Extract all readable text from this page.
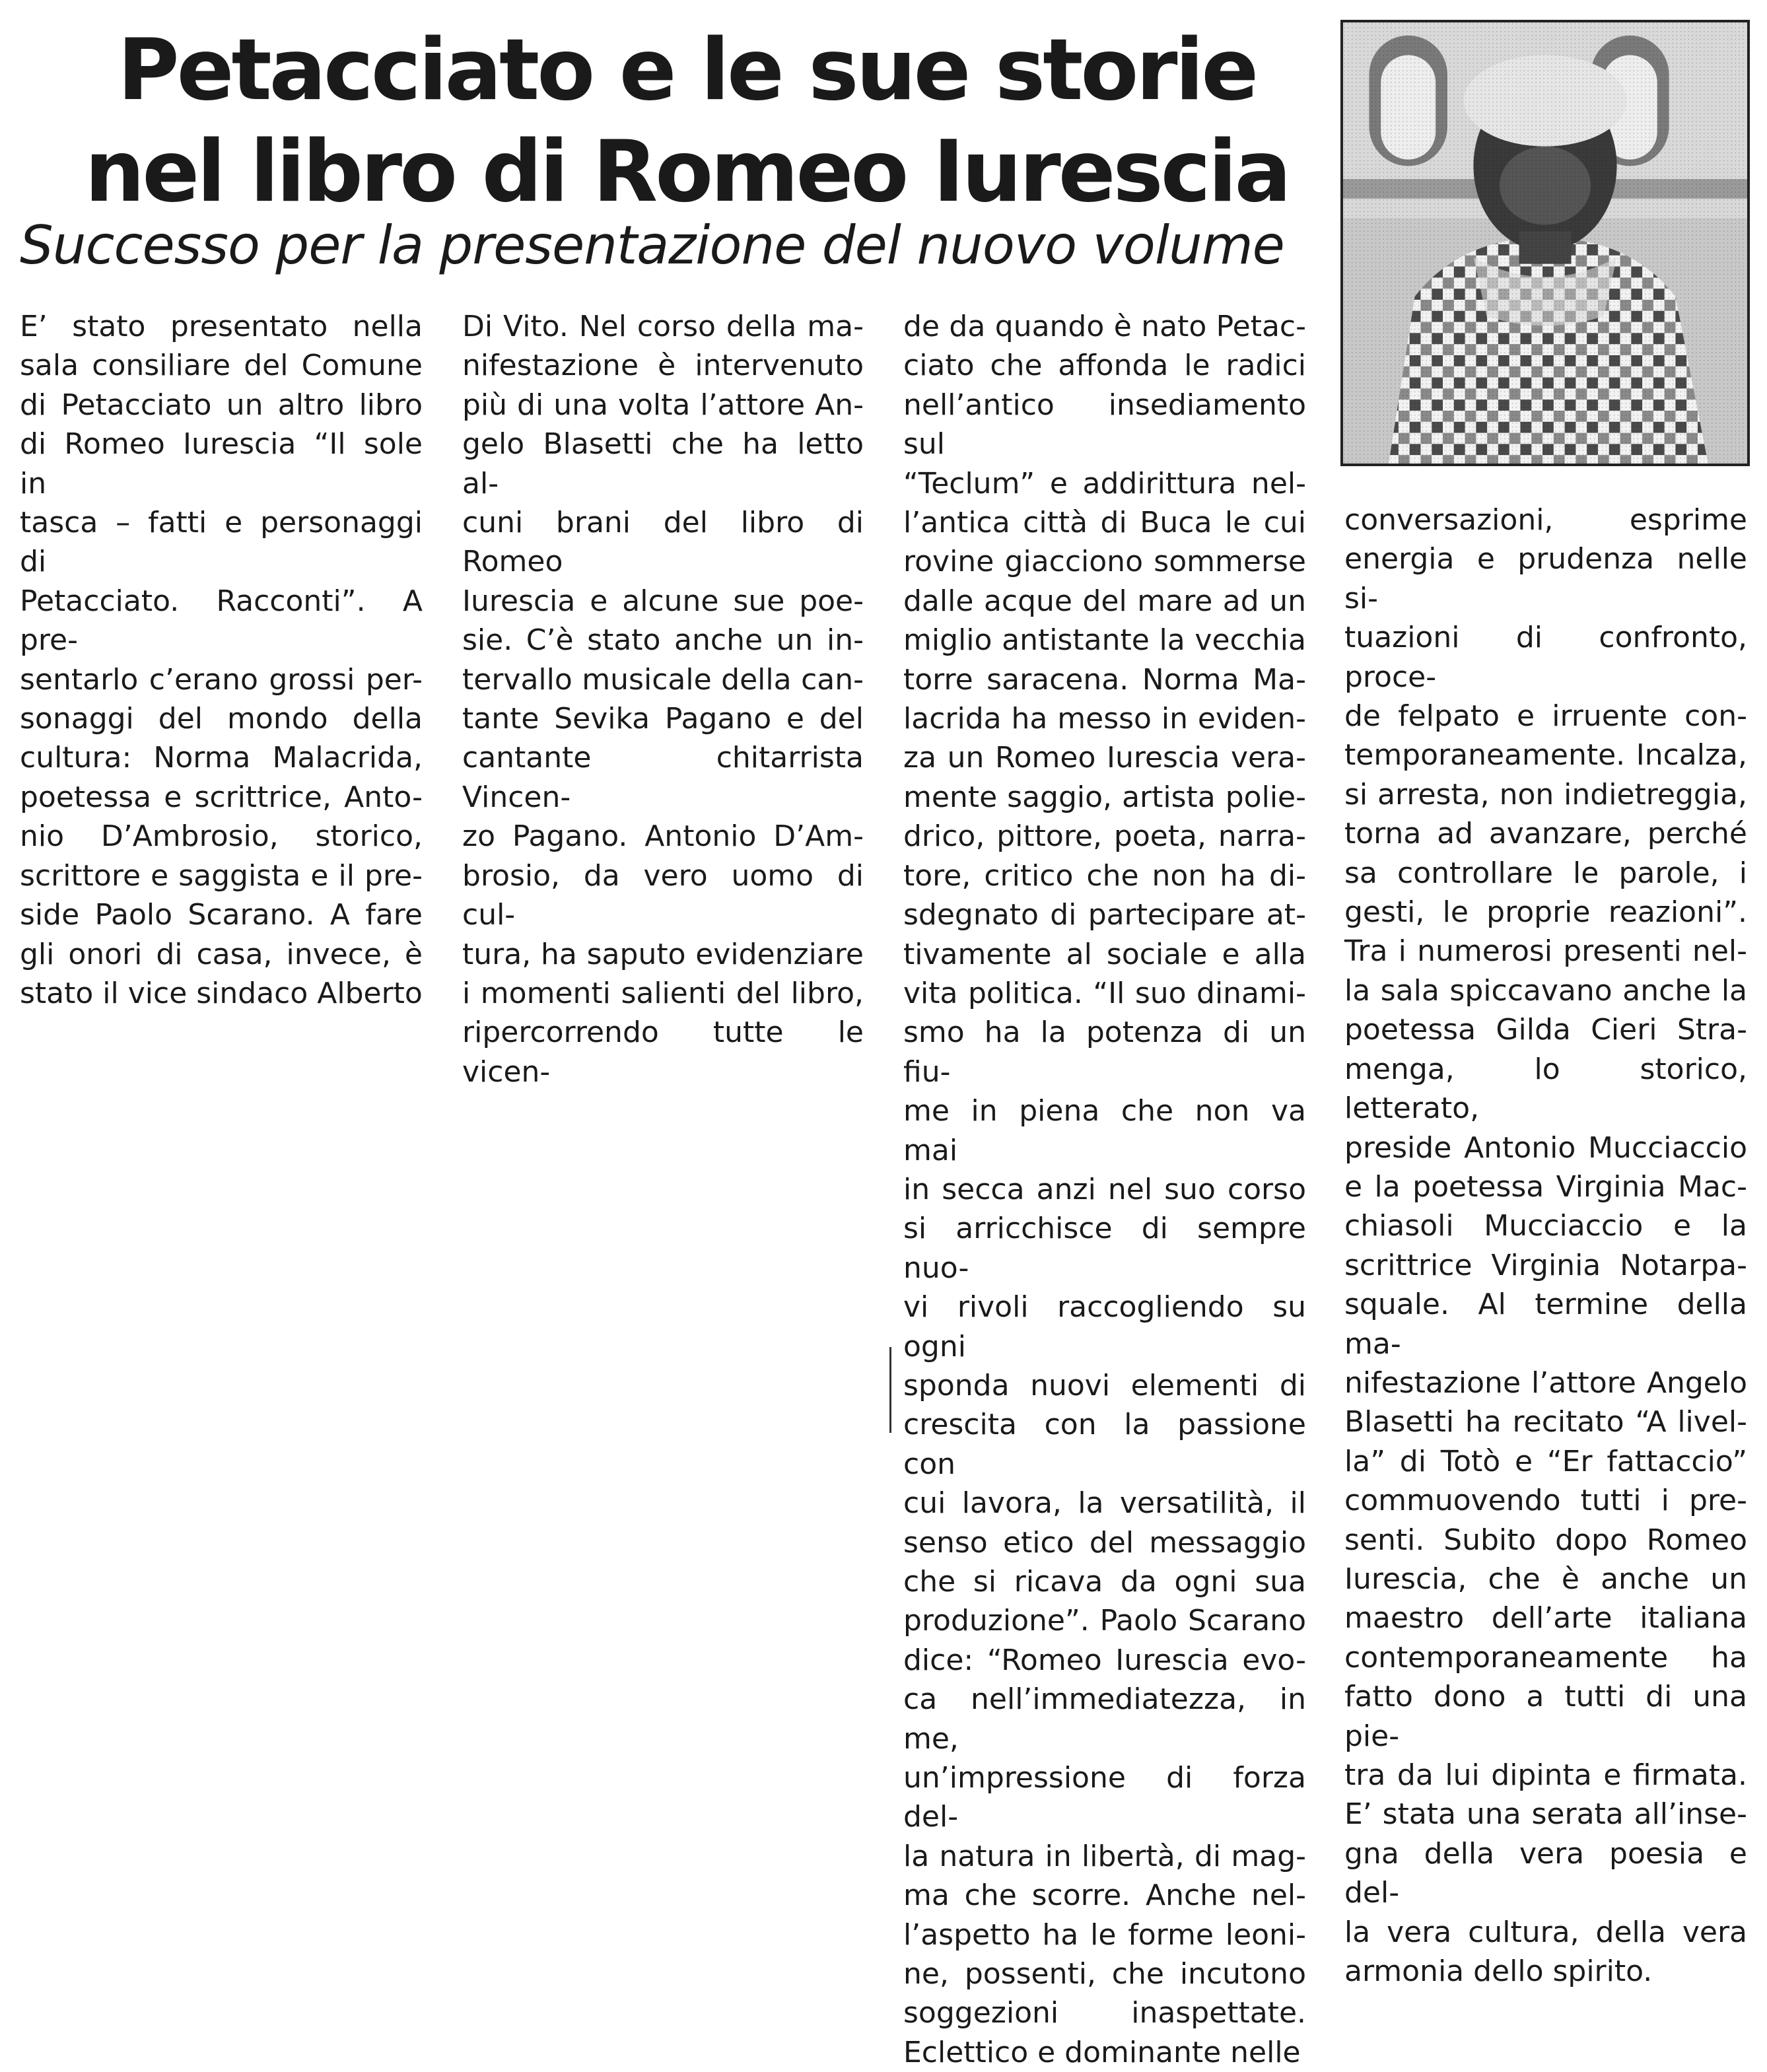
Petacciato e le sue storie
nel libro di Romeo Iurescia
Successo per la presentazione del nuovo volume

E’ stato presentato nella

sala consiliare del Comune

di Petacciato un altro libro

di Romeo Iurescia “Il sole in

tasca – fatti e personaggi di

Petacciato. Racconti”. A pre-

sentarlo c’erano grossi per-

sonaggi del mondo della

cultura: Norma Malacrida,

poetessa e scrittrice, Anto-

nio D’Ambrosio, storico,

scrittore e saggista e il pre-

side Paolo Scarano. A fare

gli onori di casa, invece, è

stato il vice sindaco Alberto

Di Vito. Nel corso della ma-

nifestazione è intervenuto

più di una volta l’attore An-

gelo Blasetti che ha letto al-

cuni brani del libro di Romeo

Iurescia e alcune sue poe-

sie. C’è stato anche un in-

tervallo musicale della can-

tante Sevika Pagano e del

cantante chitarrista Vincen-

zo Pagano. Antonio D’Am-

brosio, da vero uomo di cul-

tura, ha saputo evidenziare

i momenti salienti del libro,

ripercorrendo tutte le vicen-

de da quando è nato Petac-

ciato che affonda le radici

nell’antico insediamento sul

“Teclum” e addirittura nel-

l’antica città di Buca le cui

rovine giacciono sommerse

dalle acque del mare ad un

miglio antistante la vecchia

torre saracena. Norma Ma-

lacrida ha messo in eviden-

za un Romeo Iurescia vera-

mente saggio, artista polie-

drico, pittore, poeta, narra-

tore, critico che non ha di-

sdegnato di partecipare at-

tivamente al sociale e alla

vita politica. “Il suo dinami-

smo ha la potenza di un fiu-

me in piena che non va mai

in secca anzi nel suo corso

si arricchisce di sempre nuo-

vi rivoli raccogliendo su ogni

sponda nuovi elementi di

crescita con la passione con

cui lavora, la versatilità, il

senso etico del messaggio

che si ricava da ogni sua

produzione”. Paolo Scarano

dice: “Romeo Iurescia evo-

ca nell’immediatezza, in me,

un’impressione di forza del-

la natura in libertà, di mag-

ma che scorre. Anche nel-

l’aspetto ha le forme leoni-

ne, possenti, che incutono

soggezioni inaspettate.

Eclettico e dominante nelle

conversazioni, esprime

energia e prudenza nelle si-

tuazioni di confronto, proce-

de felpato e irruente con-

temporaneamente. Incalza,

si arresta, non indietreggia,

torna ad avanzare, perché

sa controllare le parole, i

gesti, le proprie reazioni”.

Tra i numerosi presenti nel-

la sala spiccavano anche la

poetessa Gilda Cieri Stra-

menga, lo storico, letterato,

preside Antonio Mucciaccio

e la poetessa Virginia Mac-

chiasoli Mucciaccio e la

scrittrice Virginia Notarpa-

squale. Al termine della ma-

nifestazione l’attore Angelo

Blasetti ha recitato “A livel-

la” di Totò e “Er fattaccio”

commuovendo tutti i pre-

senti. Subito dopo Romeo

Iurescia, che è anche un

maestro dell’arte italiana

contemporaneamente ha

fatto dono a tutti di una pie-

tra da lui dipinta e firmata.

E’ stata una serata all’inse-

gna della vera poesia e del-

la vera cultura, della vera

armonia dello spirito.
